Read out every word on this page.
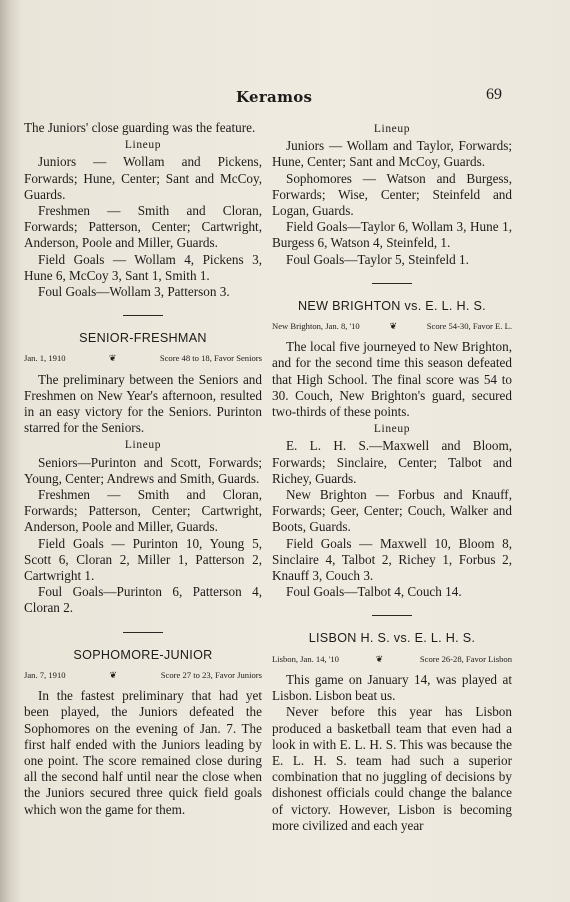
Keramos	69

The Juniors' close guarding was the feature.

Lineup

Juniors — Wollam and Pickens, Forwards; Hune, Center; Sant and McCoy, Guards.

Freshmen — Smith and Cloran, Forwards; Patterson, Center; Cartwright, Anderson, Poole and Miller, Guards.

Field Goals — Wollam 4, Pickens 3, Hune 6, McCoy 3, Sant 1, Smith 1.

Foul Goals—Wollam 3, Patterson 3.

SENIOR-FRESHMAN
Jan. 1, 1910	❦	Score 48 to 18, Favor Seniors

The preliminary between the Seniors and Freshmen on New Year's afternoon, resulted in an easy victory for the Seniors. Purinton starred for the Seniors.

Lineup

Seniors—Purinton and Scott, Forwards; Young, Center; Andrews and Smith, Guards.

Freshmen — Smith and Cloran, Forwards; Patterson, Center; Cartwright, Anderson, Poole and Miller, Guards.

Field Goals — Purinton 10, Young 5, Scott 6, Cloran 2, Miller 1, Patterson 2, Cartwright 1.

Foul Goals—Purinton 6, Patterson 4, Cloran 2.

SOPHOMORE-JUNIOR
Jan. 7, 1910	❦	Score 27 to 23, Favor Juniors

In the fastest preliminary that had yet been played, the Juniors defeated the Sophomores on the evening of Jan. 7. The first half ended with the Juniors leading by one point. The score remained close during all the second half until near the close when the Juniors secured three quick field goals which won the game for them.

Lineup

Juniors — Wollam and Taylor, Forwards; Hune, Center; Sant and McCoy, Guards.

Sophomores — Watson and Burgess, Forwards; Wise, Center; Steinfeld and Logan, Guards.

Field Goals—Taylor 6, Wollam 3, Hune 1, Burgess 6, Watson 4, Steinfeld, 1.

Foul Goals—Taylor 5, Steinfeld 1.

NEW BRIGHTON vs. E. L. H. S.
New Brighton, Jan. 8, '10	❦	Score 54-30, Favor E. L.

The local five journeyed to New Brighton, and for the second time this season defeated that High School. The final score was 54 to 30. Couch, New Brighton's guard, secured two-thirds of these points.

Lineup

E. L. H. S.—Maxwell and Bloom, Forwards; Sinclaire, Center; Talbot and Richey, Guards.

New Brighton — Forbus and Knauff, Forwards; Geer, Center; Couch, Walker and Boots, Guards.

Field Goals — Maxwell 10, Bloom 8, Sinclaire 4, Talbot 2, Richey 1, Forbus 2, Knauff 3, Couch 3.

Foul Goals—Talbot 4, Couch 14.

LISBON H. S. vs. E. L. H. S.
Lisbon, Jan. 14, '10	❦	Score 26-28, Favor Lisbon

This game on January 14, was played at Lisbon. Lisbon beat us.

Never before this year has Lisbon produced a basketball team that even had a look in with E. L. H. S. This was because the E. L. H. S. team had such a superior combination that no juggling of decisions by dishonest officials could change the balance of victory. However, Lisbon is becoming more civilized and each year
